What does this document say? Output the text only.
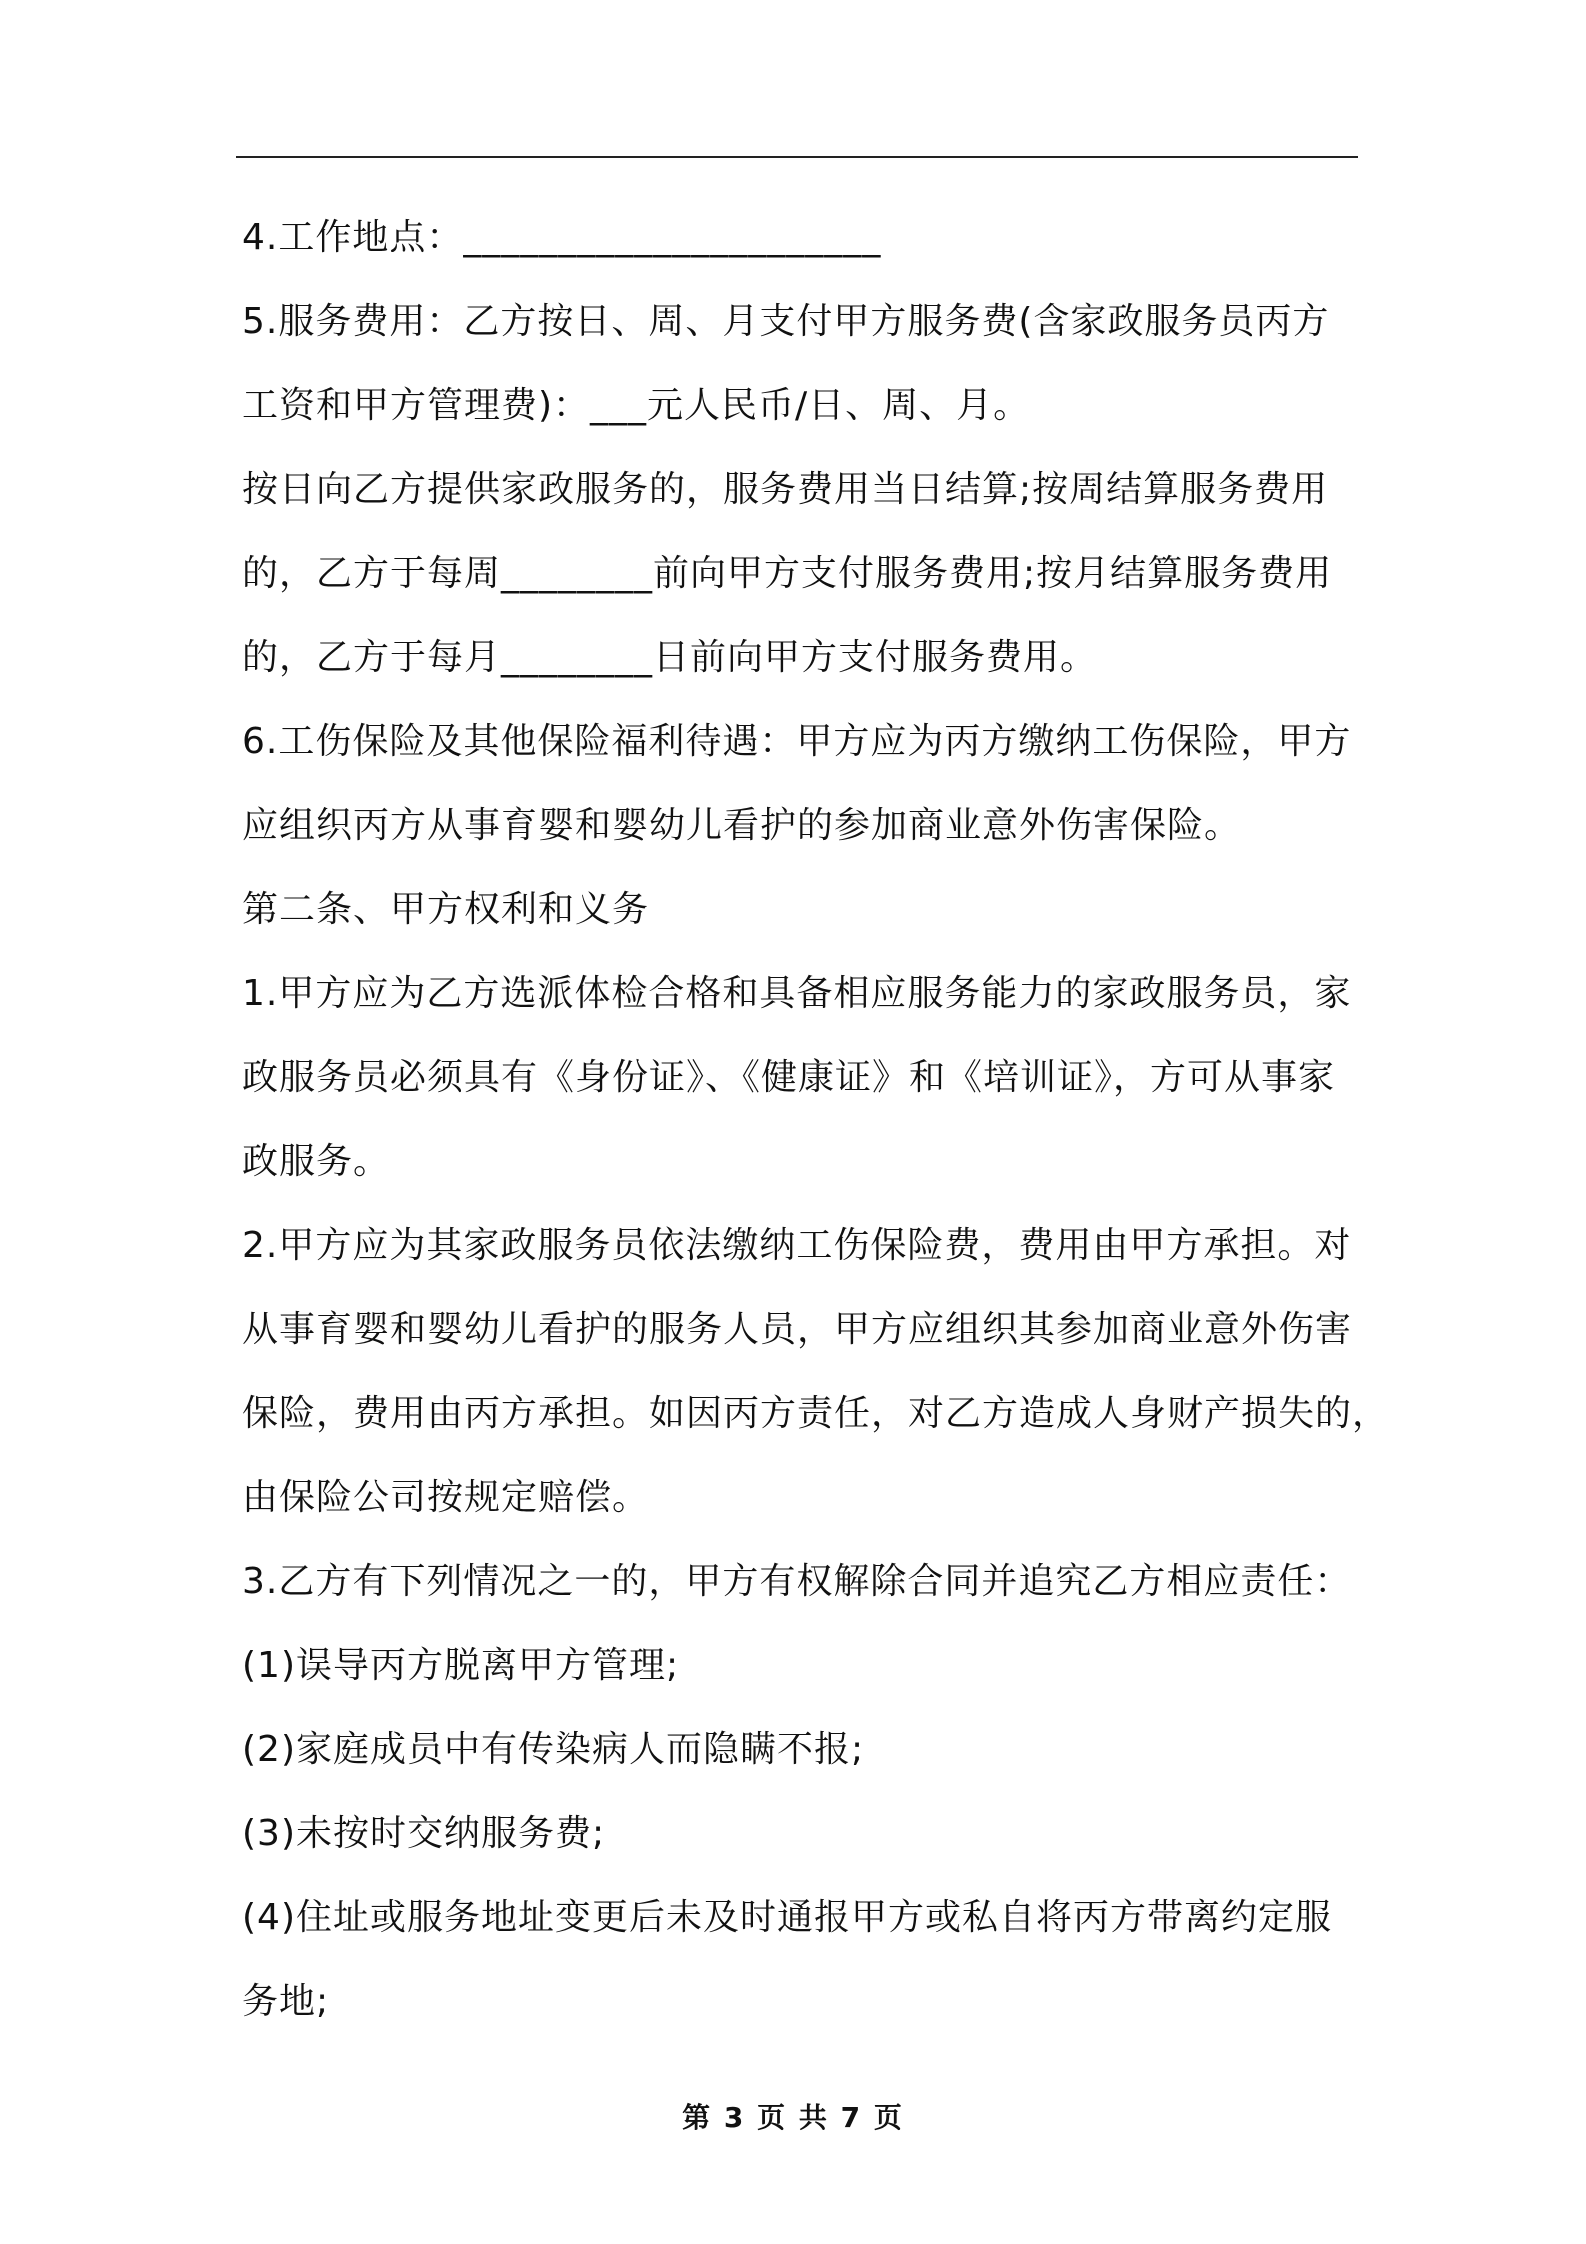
4.工作地点：______________________
5.服务费用：乙方按日、周、月支付甲方服务费(含家政服务员丙方
工资和甲方管理费)：___元人民币/日、周、月。
按日向乙方提供家政服务的，服务费用当日结算;按周结算服务费用
的，乙方于每周________前向甲方支付服务费用;按月结算服务费用
的，乙方于每月________日前向甲方支付服务费用。
6.工伤保险及其他保险福利待遇：甲方应为丙方缴纳工伤保险，甲方
应组织丙方从事育婴和婴幼儿看护的参加商业意外伤害保险。
第二条、甲方权利和义务
1.甲方应为乙方选派体检合格和具备相应服务能力的家政服务员，家
政服务员必须具有《身份证》、《健康证》和《培训证》，方可从事家
政服务。
2.甲方应为其家政服务员依法缴纳工伤保险费，费用由甲方承担。对
从事育婴和婴幼儿看护的服务人员，甲方应组织其参加商业意外伤害
保险，费用由丙方承担。如因丙方责任，对乙方造成人身财产损失的，
由保险公司按规定赔偿。
3.乙方有下列情况之一的，甲方有权解除合同并追究乙方相应责任：
(1)误导丙方脱离甲方管理;
(2)家庭成员中有传染病人而隐瞒不报;
(3)未按时交纳服务费;
(4)住址或服务地址变更后未及时通报甲方或私自将丙方带离约定服
务地;
第 3 页 共 7 页
